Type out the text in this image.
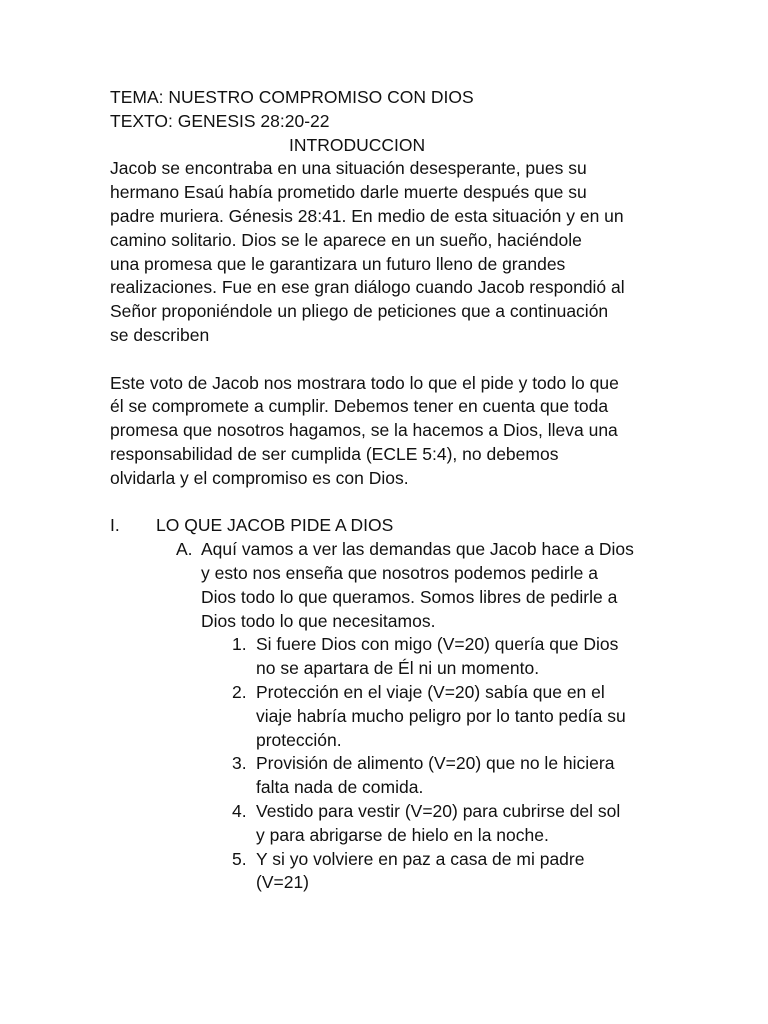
TEMA: NUESTRO COMPROMISO CON DIOS
TEXTO: GENESIS 28:20-22
INTRODUCCION
Jacob se encontraba en una situación desesperante, pues su
hermano Esaú había prometido darle muerte después que su
padre muriera. Génesis 28:41. En medio de esta situación y en un
camino solitario. Dios se le aparece en un sueño, haciéndole
una promesa que le garantizara un futuro lleno de grandes
realizaciones. Fue en ese gran diálogo cuando Jacob respondió al
Señor proponiéndole un pliego de peticiones que a continuación
se describen
Este voto de Jacob nos mostrara todo lo que el pide y todo lo que
él se compromete a cumplir. Debemos tener en cuenta que toda
promesa que nosotros hagamos, se la hacemos a Dios, lleva una
responsabilidad de ser cumplida (ECLE 5:4), no debemos
olvidarla y el compromiso es con Dios.
I.	LO QUE JACOB PIDE A DIOS
A. Aquí vamos a ver las demandas que Jacob hace a Dios
y esto nos enseña que nosotros podemos pedirle a
Dios todo lo que queramos. Somos libres de pedirle a
Dios todo lo que necesitamos.
1. Si fuere Dios con migo (V=20) quería que Dios
no se apartara de Él ni un momento.
2. Protección en el viaje (V=20) sabía que en el
viaje habría mucho peligro por lo tanto pedía su
protección.
3. Provisión de alimento (V=20) que no le hiciera
falta nada de comida.
4. Vestido para vestir (V=20) para cubrirse del sol
y para abrigarse de hielo en la noche.
5. Y si yo volviere en paz a casa de mi padre
(V=21)
